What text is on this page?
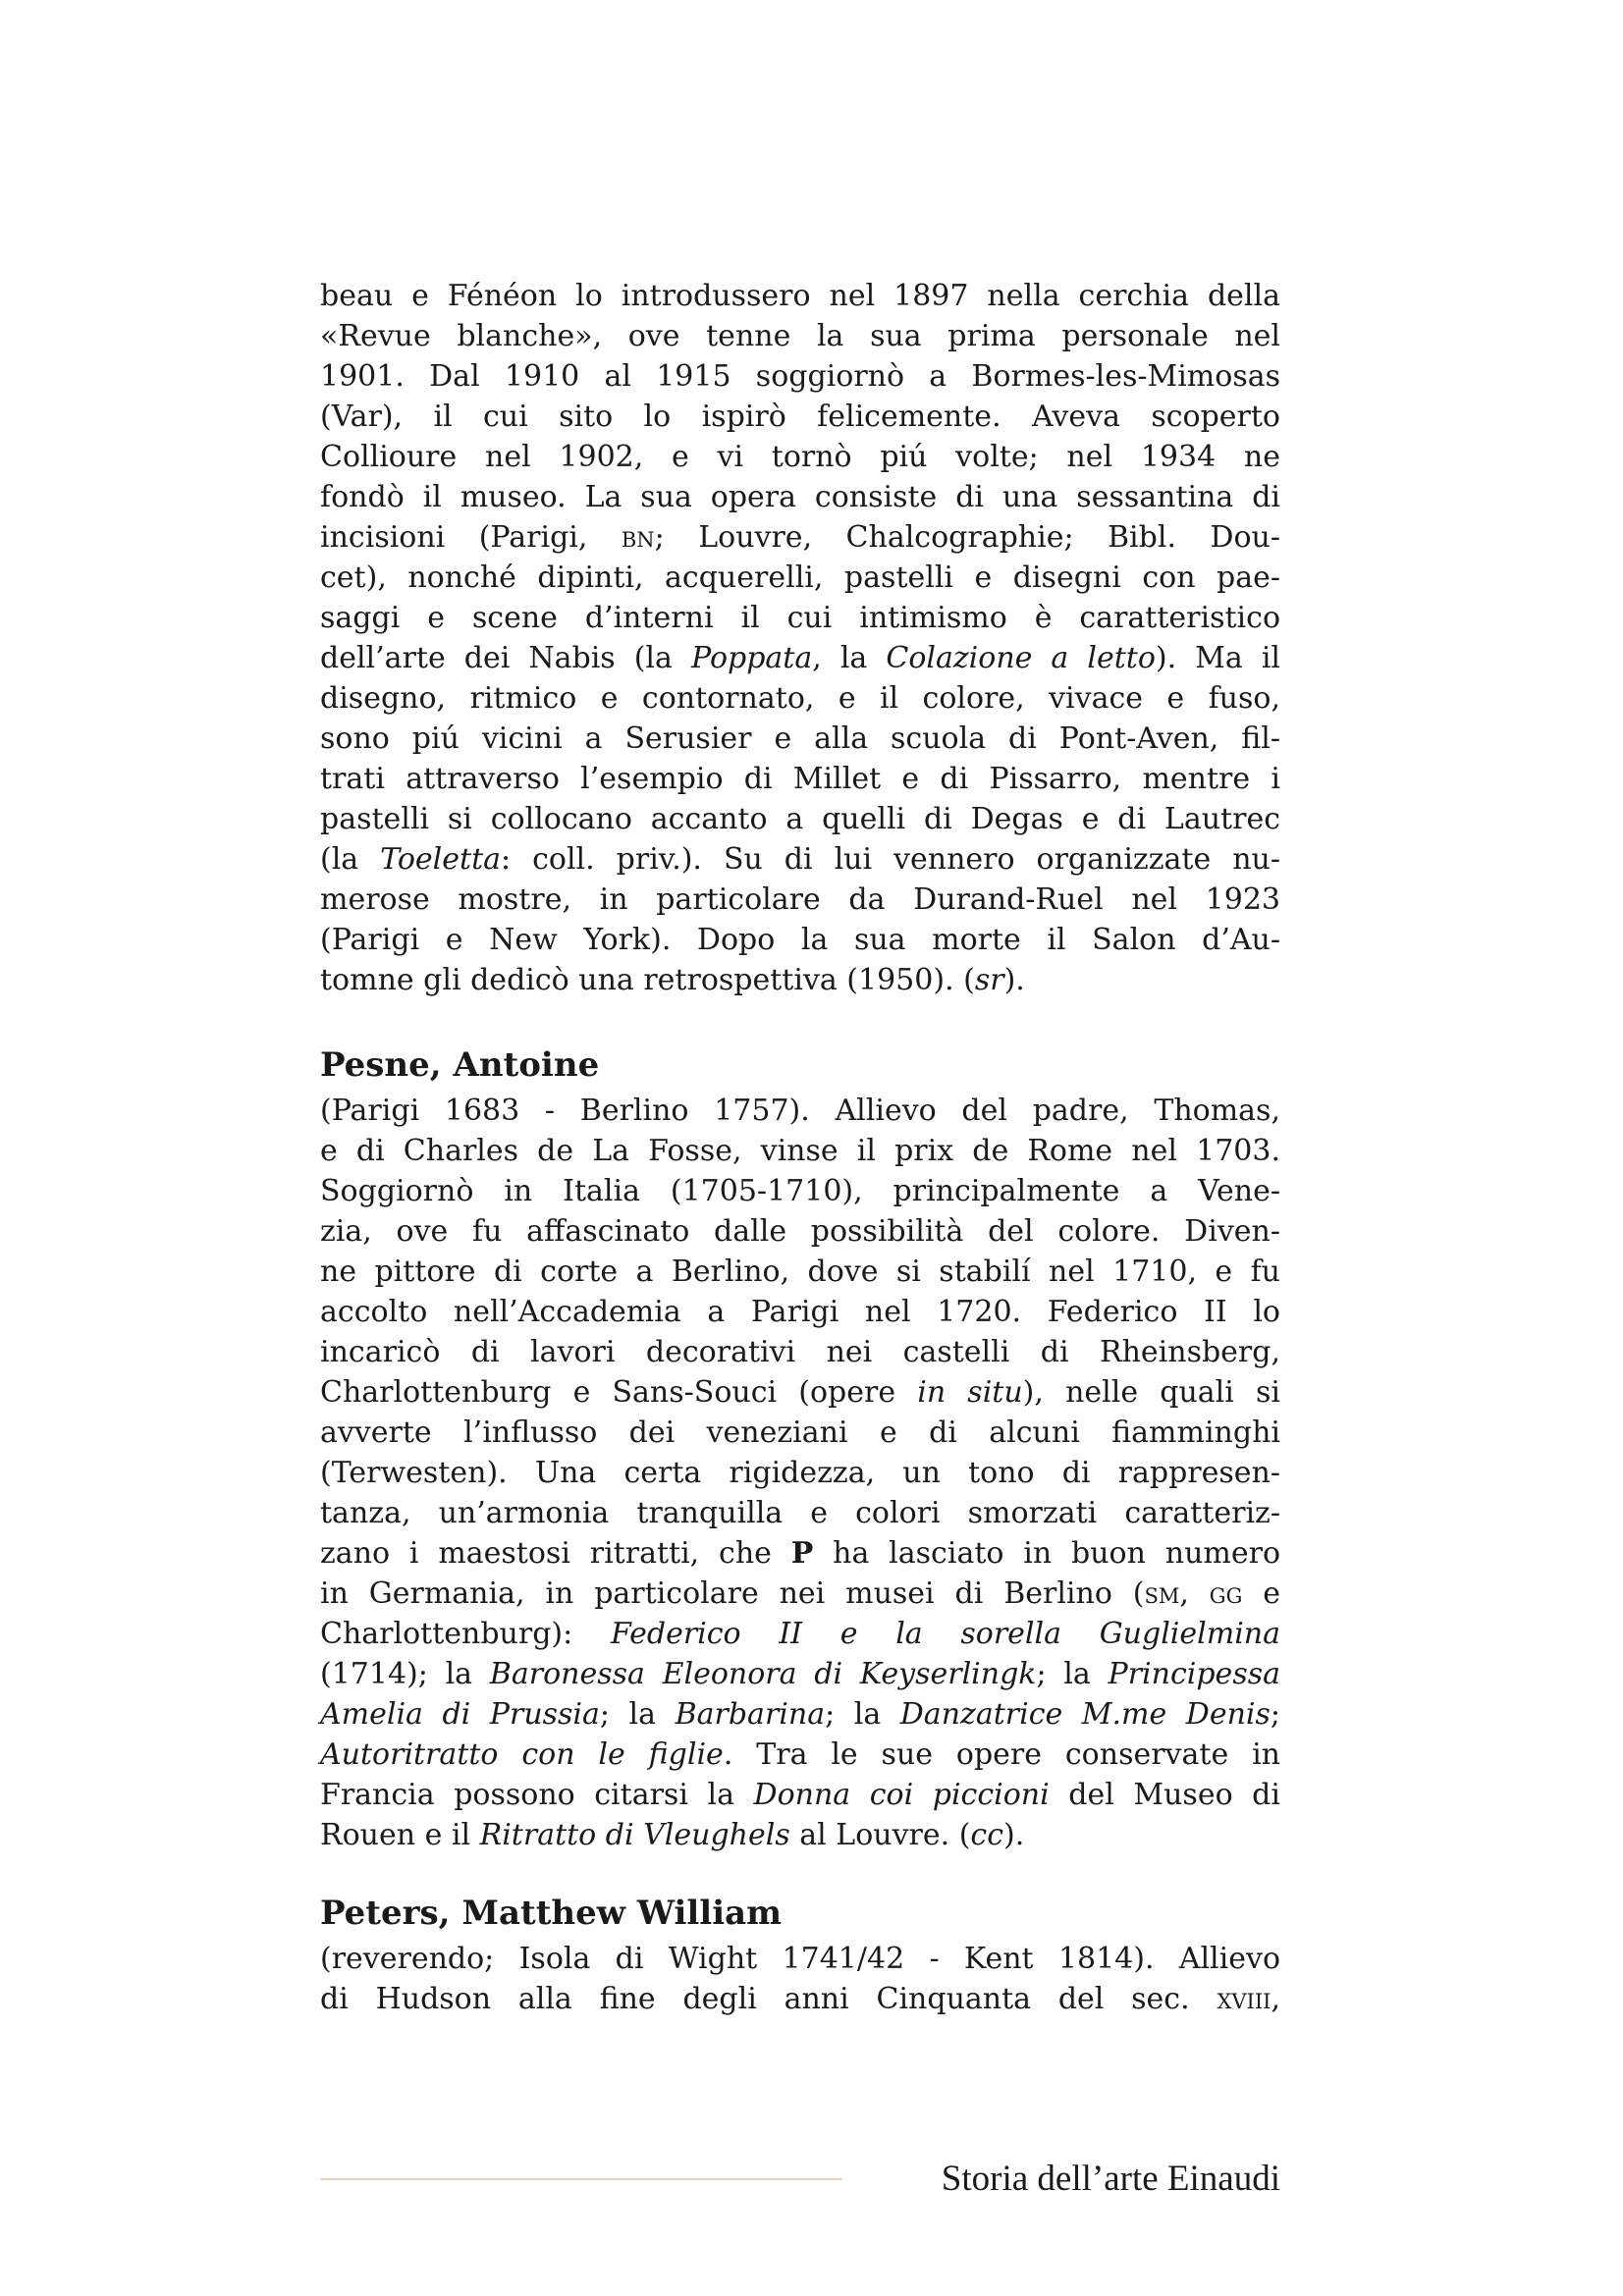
beau e Fénéon lo introdussero nel 1897 nella cerchia della
«Revue blanche», ove tenne la sua prima personale nel
1901. Dal 1910 al 1915 soggiornò a Bormes-les-Mimosas
(Var), il cui sito lo ispirò felicemente. Aveva scoperto
Collioure nel 1902, e vi tornò piú volte; nel 1934 ne
fondò il museo. La sua opera consiste di una sessantina di
incisioni (Parigi, bn; Louvre, Chalcographie; Bibl. Dou-
cet), nonché dipinti, acquerelli, pastelli e disegni con pae-
saggi e scene d’interni il cui intimismo è caratteristico
dell’arte dei Nabis (la Poppata, la Colazione a letto). Ma il
disegno, ritmico e contornato, e il colore, vivace e fuso,
sono piú vicini a Serusier e alla scuola di Pont-Aven, fil-
trati attraverso l’esempio di Millet e di Pissarro, mentre i
pastelli si collocano accanto a quelli di Degas e di Lautrec
(la Toeletta: coll. priv.). Su di lui vennero organizzate nu-
merose mostre, in particolare da Durand-Ruel nel 1923
(Parigi e New York). Dopo la sua morte il Salon d’Au-
tomne gli dedicò una retrospettiva (1950). (sr).
Pesne, Antoine
(Parigi 1683 - Berlino 1757). Allievo del padre, Thomas,
e di Charles de La Fosse, vinse il prix de Rome nel 1703.
Soggiornò in Italia (1705-1710), principalmente a Vene-
zia, ove fu affascinato dalle possibilità del colore. Diven-
ne pittore di corte a Berlino, dove si stabilí nel 1710, e fu
accolto nell’Accademia a Parigi nel 1720. Federico II lo
incaricò di lavori decorativi nei castelli di Rheinsberg,
Charlottenburg e Sans-Souci (opere in situ), nelle quali si
avverte l’influsso dei veneziani e di alcuni fiamminghi
(Terwesten). Una certa rigidezza, un tono di rappresen-
tanza, un’armonia tranquilla e colori smorzati caratteriz-
zano i maestosi ritratti, che P ha lasciato in buon numero
in Germania, in particolare nei musei di Berlino (sm, gg e
Charlottenburg): Federico II e la sorella Guglielmina
(1714); la Baronessa Eleonora di Keyserlingk; la Principessa
Amelia di Prussia; la Barbarina; la Danzatrice M.me Denis;
Autoritratto con le figlie. Tra le sue opere conservate in
Francia possono citarsi la Donna coi piccioni del Museo di
Rouen e il Ritratto di Vleughels al Louvre. (cc).
Peters, Matthew William
(reverendo; Isola di Wight 1741/42 - Kent 1814). Allievo
di Hudson alla fine degli anni Cinquanta del sec. xviii,
Storia dell’arte Einaudi
